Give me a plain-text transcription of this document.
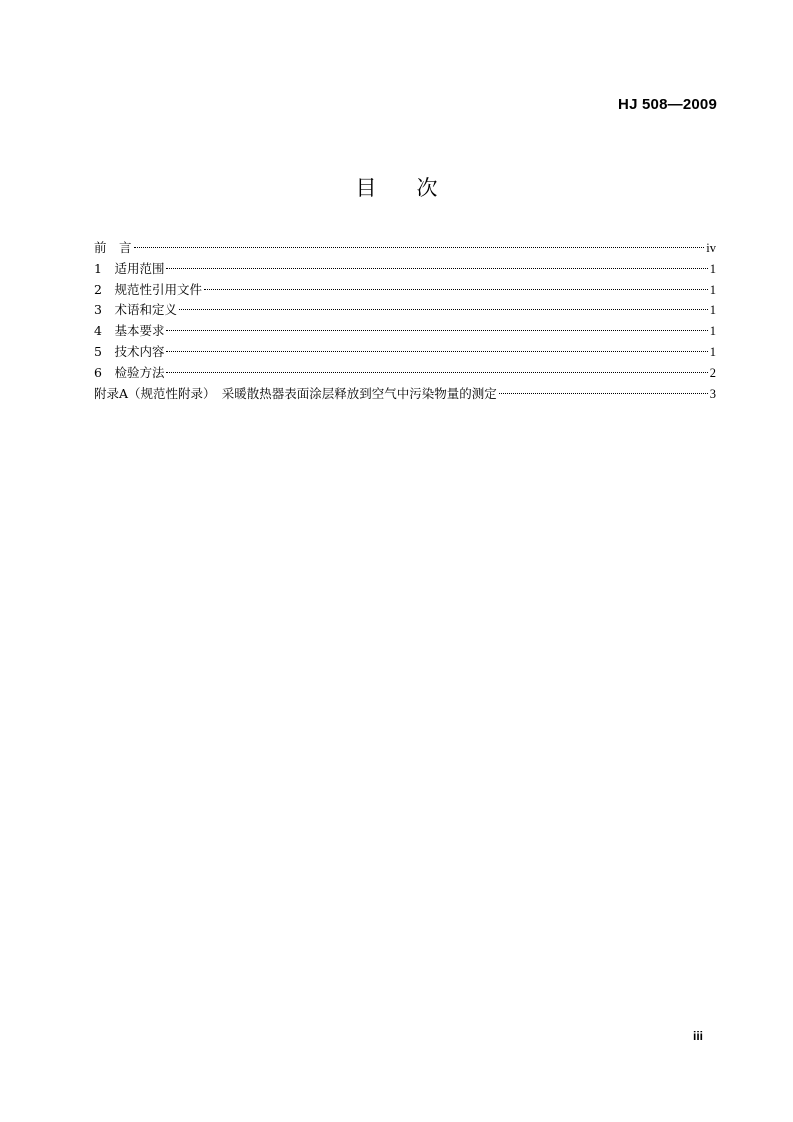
HJ 508—2009
目 次
前　言	iv
1　适用范围	1
2　规范性引用文件	1
3　术语和定义	1
4　基本要求	1
5　技术内容	1
6　检验方法	2
附录A（规范性附录）　采暖散热器表面涂层释放到空气中污染物量的测定	3
iii
